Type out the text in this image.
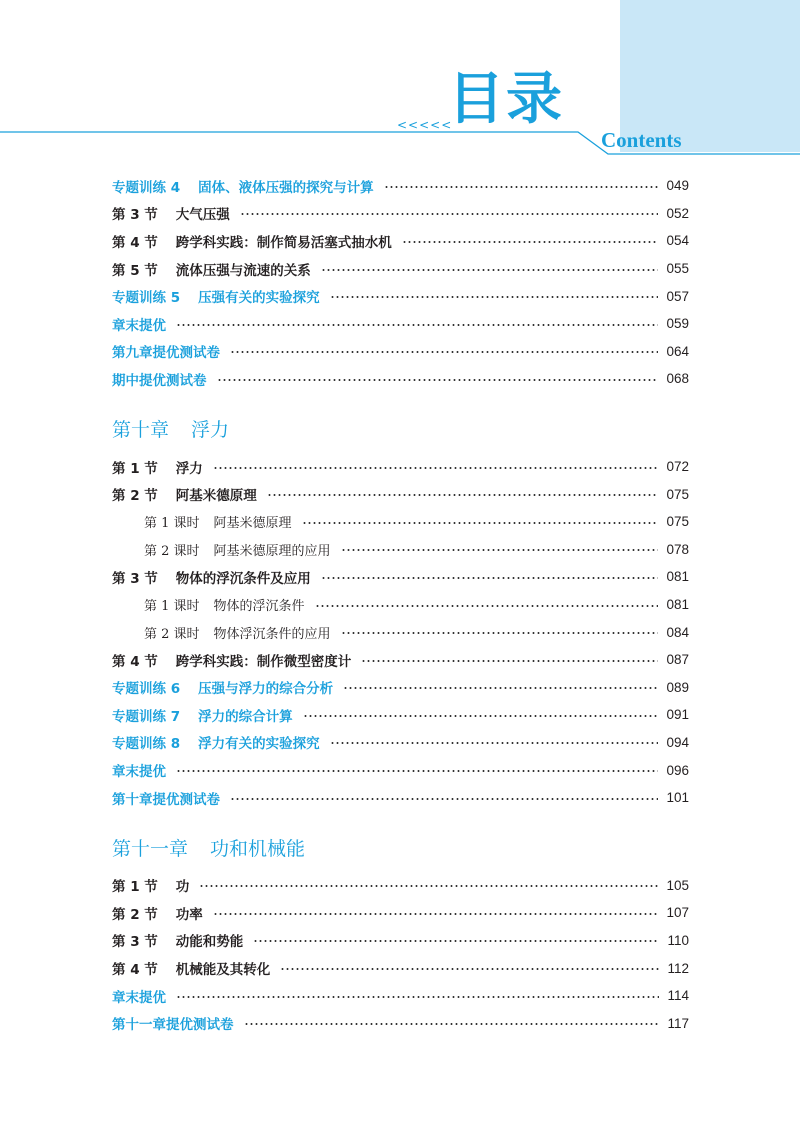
<<<<<
目录
Contents
专题训练 4 固体、液体压强的探究与计算	049
第 3 节 大气压强	052
第 4 节 跨学科实践：制作简易活塞式抽水机	054
第 5 节 流体压强与流速的关系	055
专题训练 5 压强有关的实验探究	057
章末提优	059
第九章提优测试卷	064
期中提优测试卷	068
第十章 浮力
第 1 节 浮力	072
第 2 节 阿基米德原理	075
第 1 课时 阿基米德原理	075
第 2 课时 阿基米德原理的应用	078
第 3 节 物体的浮沉条件及应用	081
第 1 课时 物体的浮沉条件	081
第 2 课时 物体浮沉条件的应用	084
第 4 节 跨学科实践：制作微型密度计	087
专题训练 6 压强与浮力的综合分析	089
专题训练 7 浮力的综合计算	091
专题训练 8 浮力有关的实验探究	094
章末提优	096
第十章提优测试卷	101
第十一章 功和机械能
第 1 节 功	105
第 2 节 功率	107
第 3 节 动能和势能	110
第 4 节 机械能及其转化	112
章末提优	114
第十一章提优测试卷	117
